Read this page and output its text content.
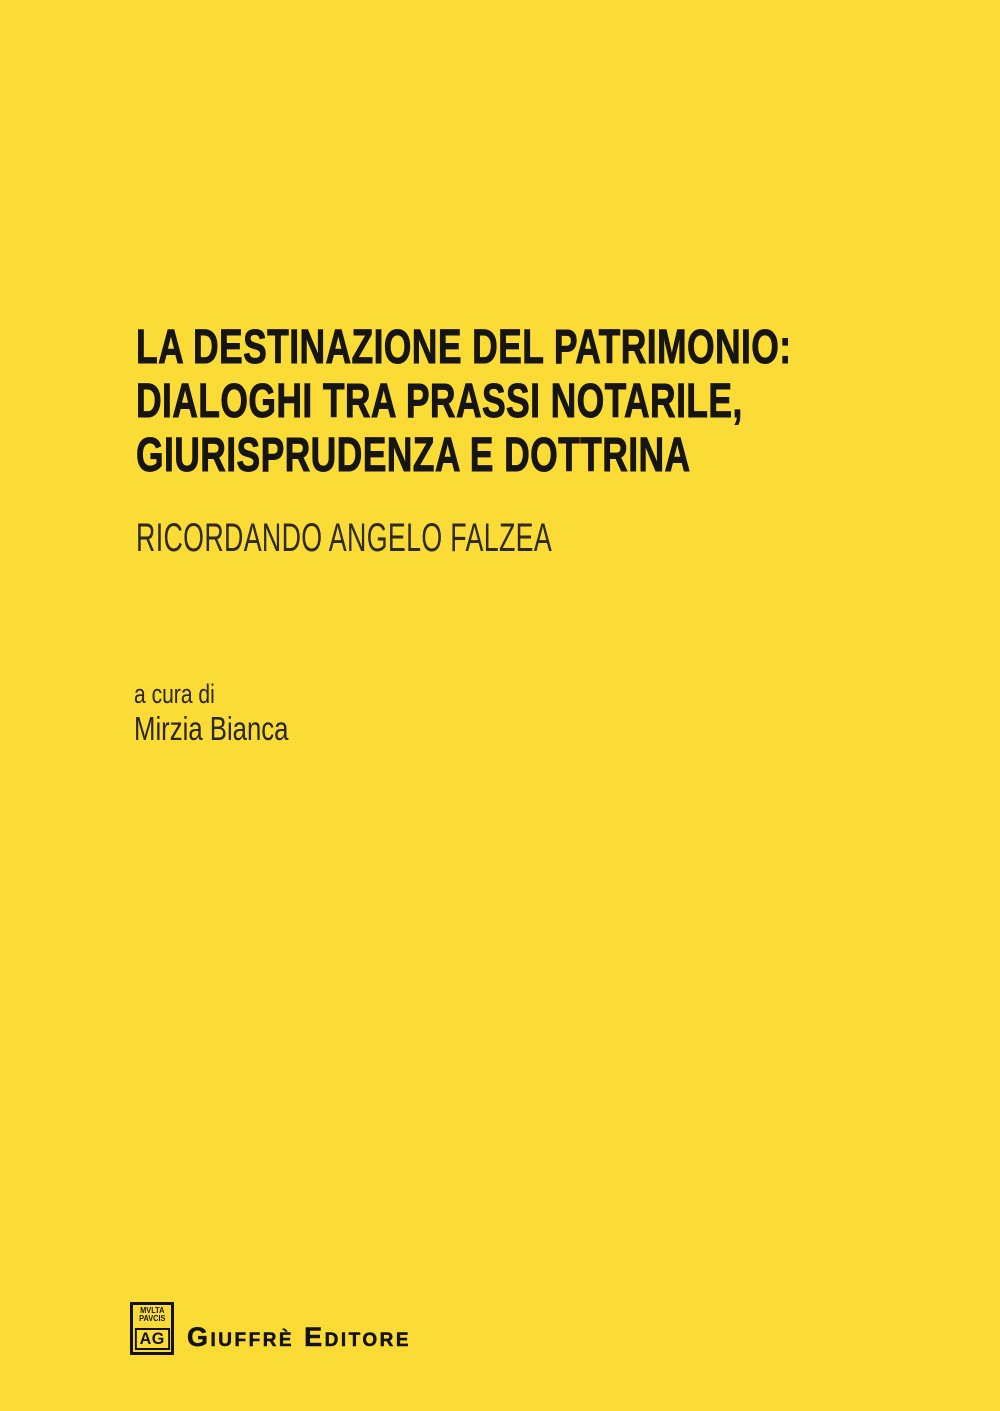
LA DESTINAZIONE DEL PATRIMONIO:
DIALOGHI TRA PRASSI NOTARILE,
GIURISPRUDENZA E DOTTRINA
RICORDANDO ANGELO FALZEA
a cura di
Mirzia Bianca
MVLTA
PAVCIS
AG Giuffrè Editore
